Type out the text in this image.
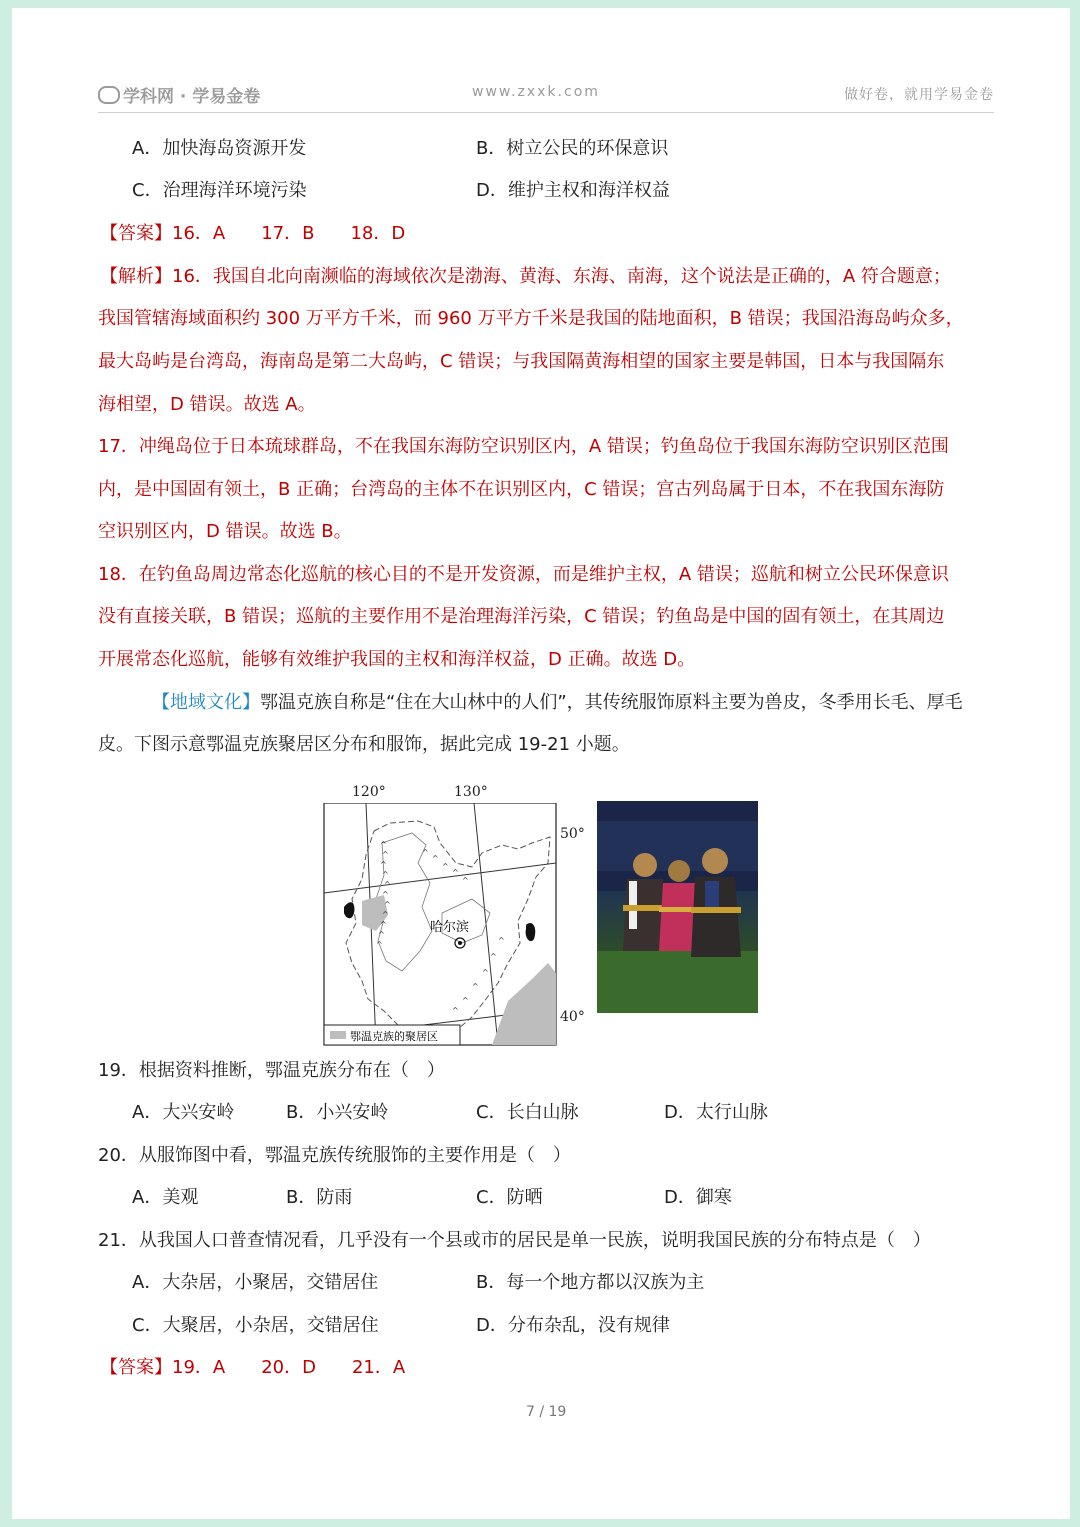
学科网 · 学易金卷	www.zxxk.com	做好卷，就用学易金卷
A．加快海岛资源开发	B．树立公民的环保意识
C．治理海洋环境污染	D．维护主权和海洋权益
【答案】16．A　　17．B　　18．D
【解析】16．我国自北向南濒临的海域依次是渤海、黄海、东海、南海，这个说法是正确的，A 符合题意；
我国管辖海域面积约 300 万平方千米，而 960 万平方千米是我国的陆地面积，B 错误；我国沿海岛屿众多，
最大岛屿是台湾岛，海南岛是第二大岛屿，C 错误；与我国隔黄海相望的国家主要是韩国，日本与我国隔东
海相望，D 错误。故选 A。
17．冲绳岛位于日本琉球群岛，不在我国东海防空识别区内，A 错误；钓鱼岛位于我国东海防空识别区范围
内，是中国固有领土，B 正确；台湾岛的主体不在识别区内，C 错误；宫古列岛属于日本，不在我国东海防
空识别区内，D 错误。故选 B。
18．在钓鱼岛周边常态化巡航的核心目的不是开发资源，而是维护主权，A 错误；巡航和树立公民环保意识
没有直接关联，B 错误；巡航的主要作用不是治理海洋污染，C 错误；钓鱼岛是中国的固有领土，在其周边
开展常态化巡航，能够有效维护我国的主权和海洋权益，D 正确。故选 D。
【地域文化】鄂温克族自称是“住在大山林中的人们”，其传统服饰原料主要为兽皮，冬季用长毛、厚毛
皮。下图示意鄂温克族聚居区分布和服饰，据此完成 19-21 小题。
^
^
^
^
^
^
^
^
^
^
^
^
^
^
^
^
^
^
^
^
^
^
哈尔滨
鄂温克族的聚居区
120°	130°
50°
40°
19．根据资料推断，鄂温克族分布在（　）
A．大兴安岭	B．小兴安岭	C．长白山脉	D．太行山脉
20．从服饰图中看，鄂温克族传统服饰的主要作用是（　）
A．美观	B．防雨	C．防晒	D．御寒
21．从我国人口普查情况看，几乎没有一个县或市的居民是单一民族，说明我国民族的分布特点是（　）
A．大杂居，小聚居，交错居住	B．每一个地方都以汉族为主
C．大聚居，小杂居，交错居住	D．分布杂乱，没有规律
【答案】19．A　　20．D　　21．A
7 / 19
